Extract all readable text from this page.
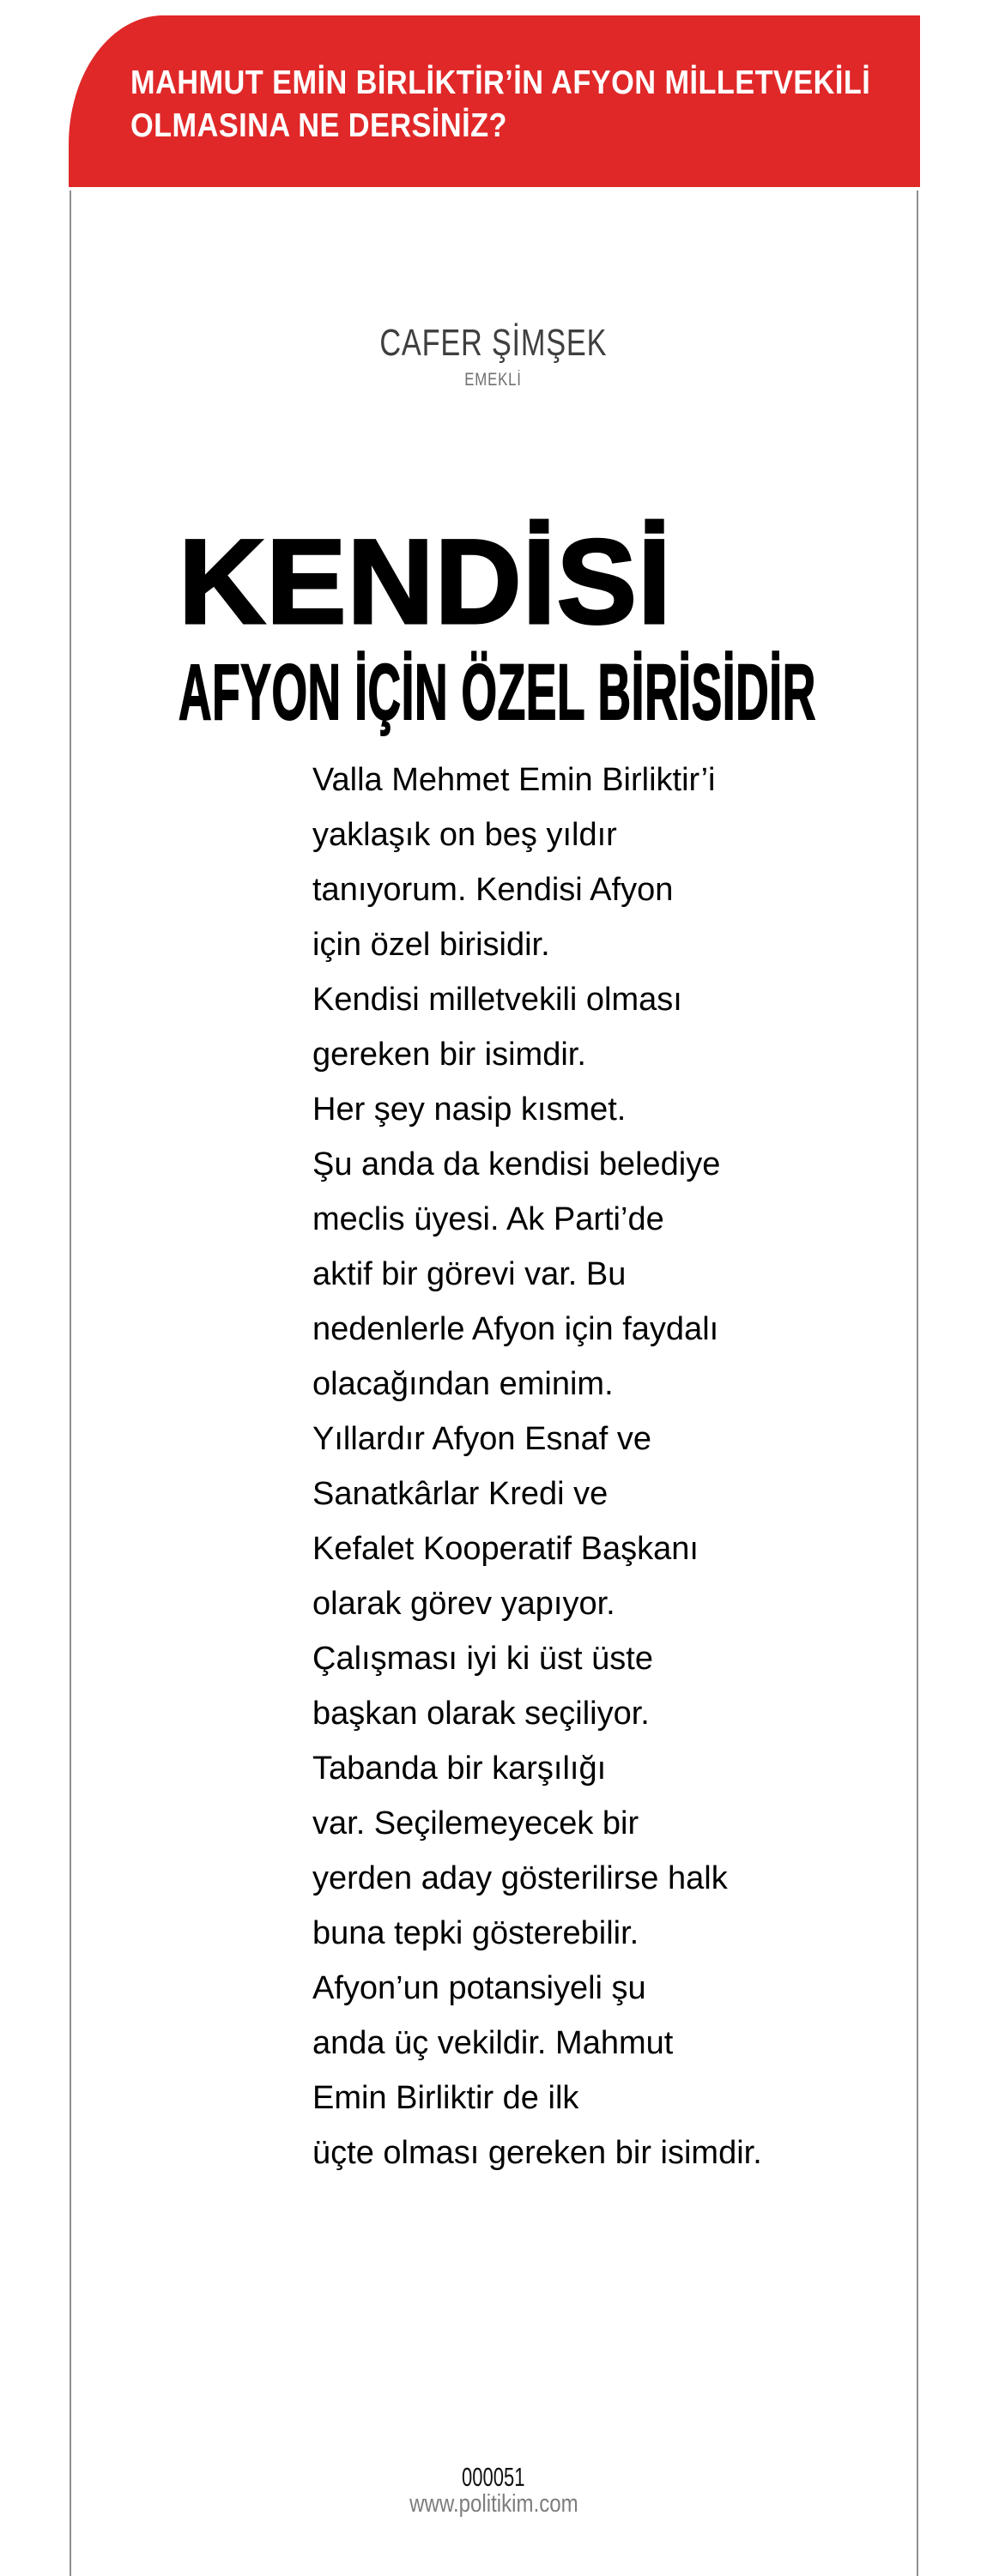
MAHMUT EMİN BİRLİKTİR’İN AFYON MİLLETVEKİLİ
OLMASINA NE DERSİNİZ?
CAFER ŞİMŞEK
EMEKLİ
KENDİSİ
AFYON İÇİN ÖZEL BİRİSİDİR
Valla Mehmet Emin Birliktir’i
yaklaşık on beş yıldır
tanıyorum. Kendisi Afyon
için özel birisidir.
Kendisi milletvekili olması
gereken bir isimdir.
Her şey nasip kısmet.
Şu anda da kendisi belediye
meclis üyesi. Ak Parti’de
aktif bir görevi var. Bu
nedenlerle Afyon için faydalı
olacağından eminim.
Yıllardır Afyon Esnaf ve
Sanatkârlar Kredi ve
Kefalet Kooperatif Başkanı
olarak görev yapıyor.
Çalışması iyi ki üst üste
başkan olarak seçiliyor.
Tabanda bir karşılığı
var. Seçilemeyecek bir
yerden aday gösterilirse halk
buna tepki gösterebilir.
Afyon’un potansiyeli şu
anda üç vekildir. Mahmut
Emin Birliktir de ilk
üçte olması gereken bir isimdir.
000051
www.politikim.com
